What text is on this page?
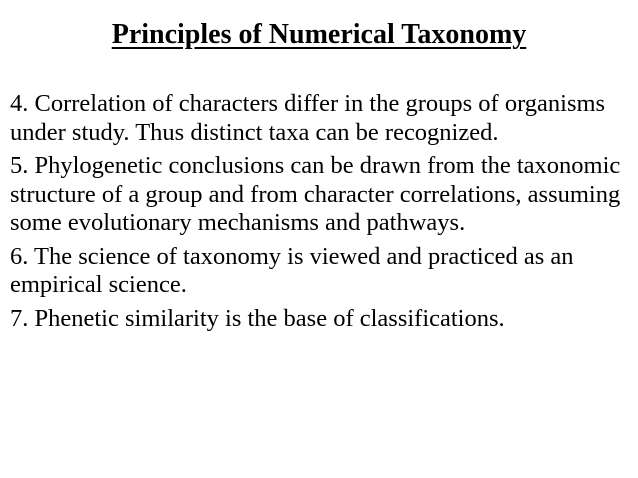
Principles of Numerical Taxonomy
4. Correlation of characters differ in the groups of organisms under study. Thus distinct taxa can be recognized.
5. Phylogenetic conclusions can be drawn from the taxonomic structure of a group and from character correlations, assuming some evolutionary mechanisms and pathways.
6. The science of taxonomy is viewed and practiced as an empirical science.
7. Phenetic similarity is the base of classifications.
